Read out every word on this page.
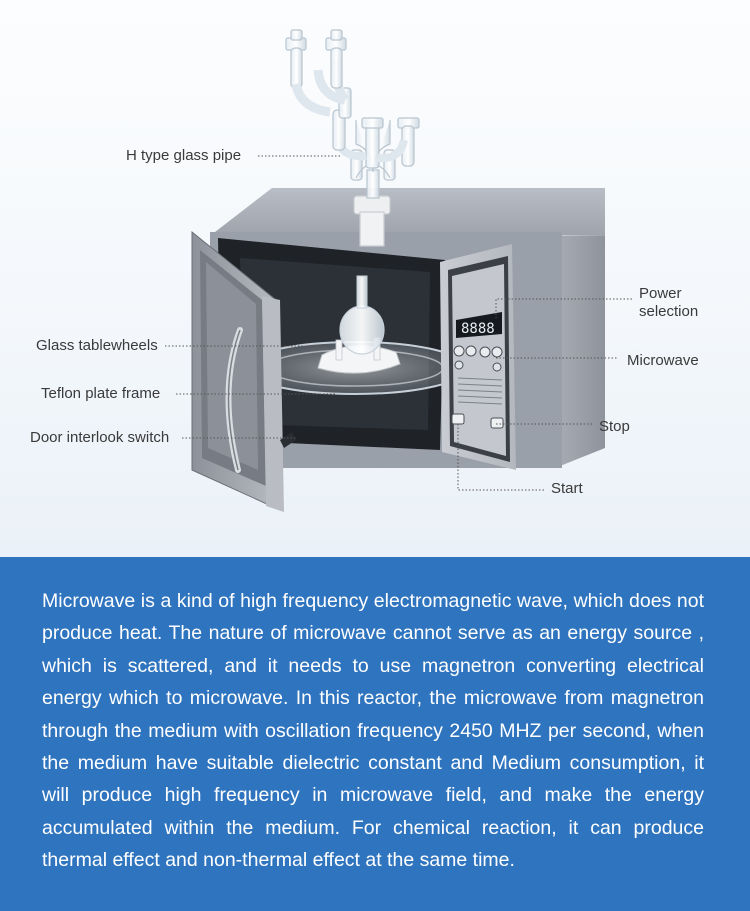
8888
H type glass pipe
Power
selection
Glass tablewheels
Microwave
Teflon plate frame
Stop
Door interlook switch
Start

Microwave is a kind of high frequency electromagnetic wave, which does not produce heat. The nature of microwave cannot serve as an energy source , which is scattered, and it needs to use magnetron converting electrical energy which to microwave. In this reactor, the microwave from magnetron through the medium with oscillation frequency 2450 MHZ per second, when the medium have suitable dielectric constant and Medium consumption, it will produce high frequency in microwave field, and make the energy accumulated within the medium. For chemical reaction, it can produce thermal effect and non-thermal effect at the same time.
